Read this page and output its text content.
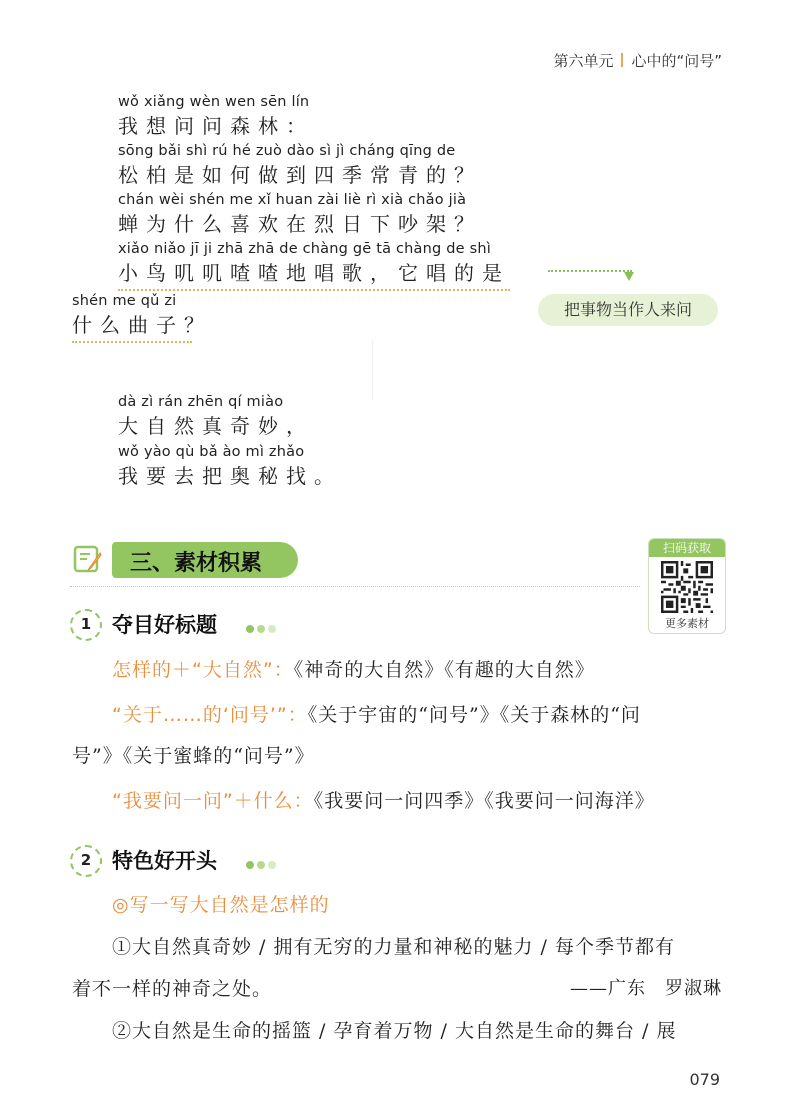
第六单元 心中的“问号”
wǒ xiǎng wèn wen sēn lín
我想问问森林：
sōng bǎi shì rú hé zuò dào sì jì cháng qīng de
松柏是如何做到四季常青的？
chán wèi shén me xǐ huan zài liè rì xià chǎo jià
蝉为什么喜欢在烈日下吵架？
xiǎo niǎo jī ji zhā zhā de chàng gē tā chàng de shì
小鸟叽叽喳喳地唱歌，它唱的是
shén me qǔ zi
什么曲子？
把事物当作人来问
dà zì rán zhēn qí miào
大自然真奇妙，
wǒ yào qù bǎ ào mì zhǎo
我要去把奥秘找。
三、素材积累
扫码获取
更多素材
1 夺目好标题
怎样的＋“大自然”：《神奇的大自然》《有趣的大自然》
“关于……的‘问号’”：《关于宇宙的“问号”》《关于森林的“问
号”》《关于蜜蜂的“问号”》
“我要问一问”＋什么：《我要问一问四季》《我要问一问海洋》
2 特色好开头
◎写一写大自然是怎样的
①大自然真奇妙 / 拥有无穷的力量和神秘的魅力 / 每个季节都有
着不一样的神奇之处。	——广东　罗淑琳
②大自然是生命的摇篮 / 孕育着万物 / 大自然是生命的舞台 / 展
079
